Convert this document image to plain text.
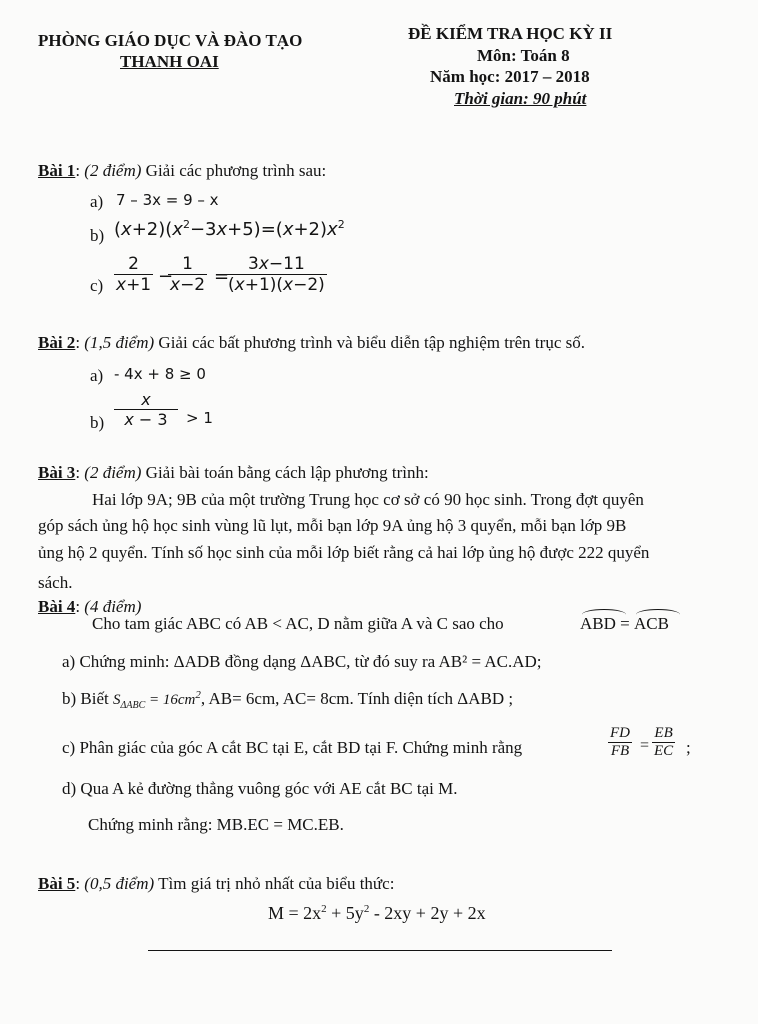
PHÒNG GIÁO DỤC VÀ ĐÀO TẠO
THANH OAI
ĐỀ KIỂM TRA HỌC KỲ II
Môn: Toán 8
Năm học: 2017 – 2018
Thời gian: 90 phút
Bài 1: (2 điểm) Giải các phương trình sau:
a) 7 – 3x = 9 – x
b) $(x+2)(x^2-3x+5)=(x+2)x^2$
c)
2
x+1 −
1
x−2 =
3x−11
(x+1)(x−2)
Bài 2: (1,5 điểm) Giải các bất phương trình và biểu diễn tập nghiệm trên trục số.
a) - 4x + 8 ≥ 0
b)
x
x − 3	> 1
Bài 3: (2 điểm) Giải bài toán bằng cách lập phương trình:
Hai lớp 9A; 9B của một trường Trung học cơ sở có 90 học sinh. Trong đợt quyên
góp sách ủng hộ học sinh vùng lũ lụt, mỗi bạn lớp 9A ủng hộ 3 quyển, mỗi bạn lớp 9B
ủng hộ 2 quyển. Tính số học sinh của mỗi lớp biết rằng cả hai lớp ủng hộ được 222 quyển
sách.
Bài 4: (4 điểm)
Cho tam giác ABC có AB < AC, D nằm giữa A và C sao cho	ABD
= ACB
a) Chứng minh: ΔADB đồng dạng ΔABC, từ đó suy ra AB² = AC.AD;
b) Biết $S_{\Delta ABC} = 16cm^2$, AB= 6cm, AC= 8cm. Tính diện tích ΔABD ;
c) Phân giác của góc A cắt BC tại E, cắt BD tại F. Chứng minh rằng
FD
FB =
EB
EC ;
d) Qua A kẻ đường thẳng vuông góc với AE cắt BC tại M.
Chứng minh rằng: MB.EC = MC.EB.
Bài 5: (0,5 điểm) Tìm giá trị nhỏ nhất của biểu thức:
$M = 2x^2 + 5y^2 - 2xy + 2y + 2x$
